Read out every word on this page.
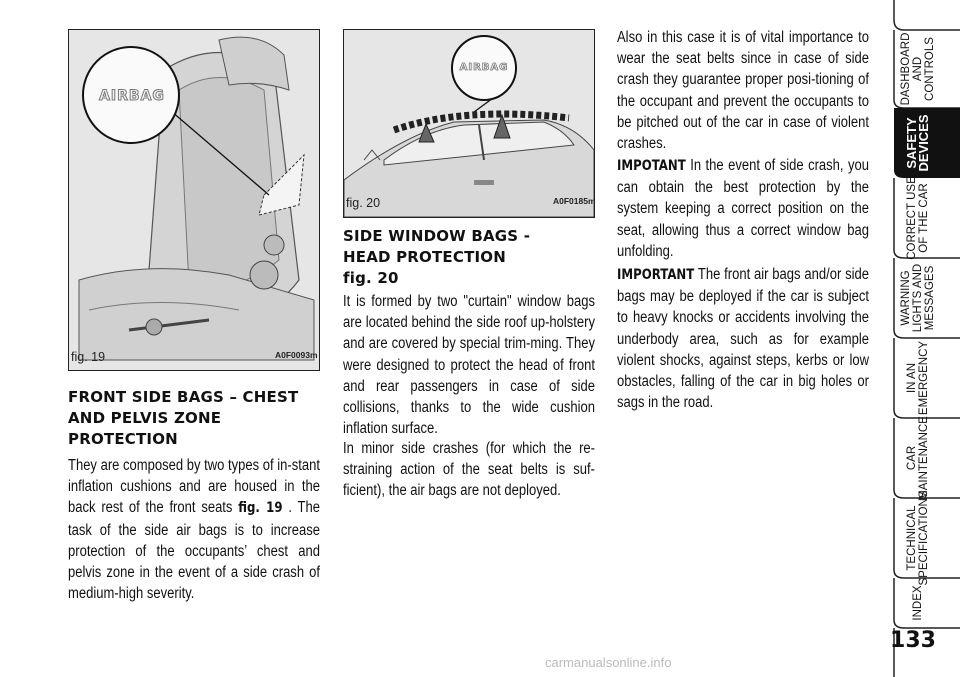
AIRBAG
fig. 19	A0F0093m
AIRBAG
fig. 20	A0F0185m
FRONT SIDE BAGS – CHEST
AND PELVIS ZONE
PROTECTION
They are composed by two types of in-stant inflation cushions and are housed in the back rest of the front seats fig. 19 . The task of the side air bags is to increase protection of the occupants’ chest and pelvis zone in the event of a side crash of medium-high severity.
SIDE WINDOW BAGS -
HEAD PROTECTION
fig. 20
It is formed by two "curtain" window bags are located behind the side roof up-holstery and are covered by special trim-ming. They were designed to protect the head of front and rear passengers in case of side collisions, thanks to the wide cushion inflation surface.
In minor side crashes (for which the re-straining action of the seat belts is suf-ficient), the air bags are not deployed.
Also in this case it is of vital importance to wear the seat belts since in case of side crash they guarantee proper posi-tioning of the occupant and prevent the occupants to be pitched out of the car in case of violent crashes.
IMPOTANT In the event of side crash, you can obtain the best protection by the system keeping a correct position on the seat, allowing thus a correct window bag unfolding.
IMPORTANT The front air bags and/or side bags may be deployed if the car is subject to heavy knocks or accidents involving the underbody area, such as for example violent shocks, against steps, kerbs or low obstacles, falling of the car in big holes or sags in the road.
DASHBOARD AND CONTROLS
SAFETY
DEVICES
CORRECT USE OF THE CAR
WARNING LIGHTS AND MESSAGES
IN AN EMERGENCY
CAR MAINTENANCE
TECHNICAL SPECIFICATIONS
INDEX
133
carmanualsonline.info
